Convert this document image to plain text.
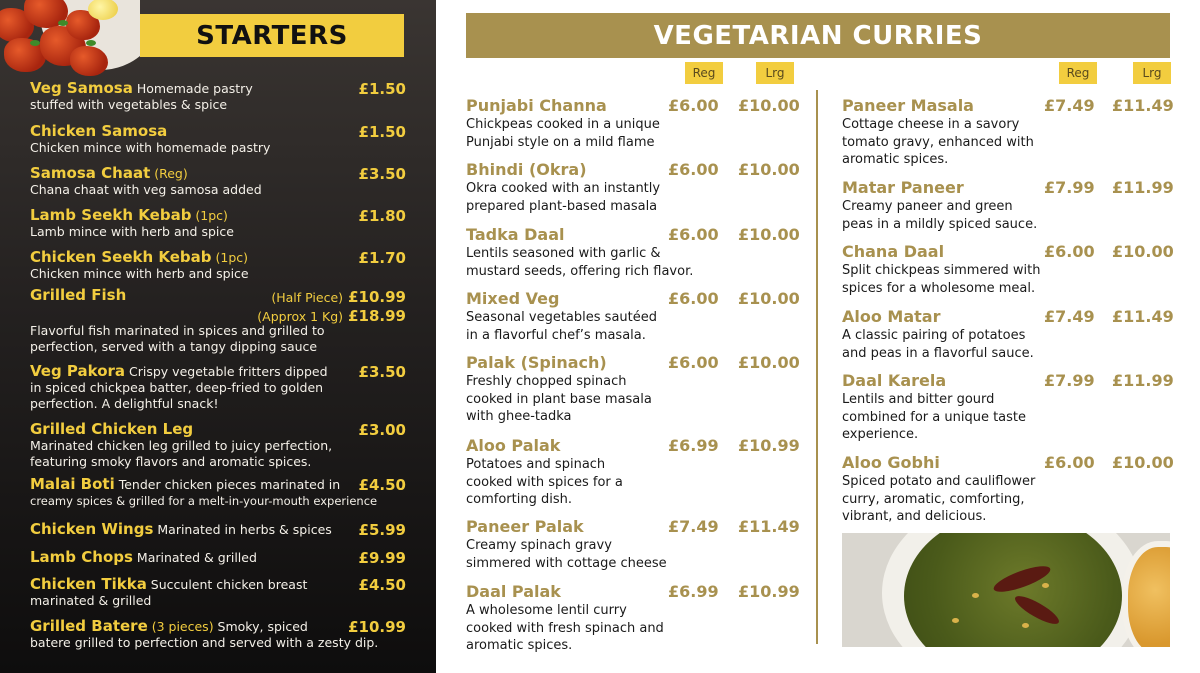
STARTERS
Veg Samosa Homemade pastry
stuffed with vegetables & spice
£1.50
Chicken Samosa
Chicken mince with homemade pastry
£1.50
Samosa Chaat (Reg)
Chana chaat with veg samosa added
£3.50
Lamb Seekh Kebab (1pc)
Lamb mince with herb and spice
£1.80
Chicken Seekh Kebab (1pc)
Chicken mince with herb and spice
£1.70
Grilled Fish	(Half Piece) £10.99
(Approx 1 Kg) £18.99
Flavorful fish marinated in spices and grilled to
perfection, served with a tangy dipping sauce
Veg Pakora Crispy vegetable fritters dipped
in spiced chickpea batter, deep-fried to golden
perfection. A delightful snack!
£3.50
Grilled Chicken Leg
Marinated chicken leg grilled to juicy perfection,
featuring smoky flavors and aromatic spices.
£3.00
Malai Boti Tender chicken pieces marinated in
creamy spices & grilled for a melt-in-your-mouth experience
£4.50
Chicken Wings Marinated in herbs & spices	£5.99
Lamb Chops Marinated & grilled	£9.99
Chicken Tikka Succulent chicken breast
marinated & grilled
£4.50
Grilled Batere (3 pieces) Smoky, spiced
batere grilled to perfection and served with a zesty dip.
£10.99
VEGETARIAN CURRIES
Reg	Lrg	Reg	Lrg
Punjabi Channa	£6.00 £10.00
Chickpeas cooked in a unique
Punjabi style on a mild flame
Bhindi (Okra)	£6.00 £10.00
Okra cooked with an instantly
prepared plant-based masala
Tadka Daal	£6.00 £10.00
Lentils seasoned with garlic &
mustard seeds, offering rich flavor.
Mixed Veg	£6.00 £10.00
Seasonal vegetables sautéed
in a flavorful chef’s masala.
Palak (Spinach)	£6.00 £10.00
Freshly chopped spinach
cooked in plant base masala
with ghee-tadka
Aloo Palak	£6.99 £10.99
Potatoes and spinach
cooked with spices for a
comforting dish.
Paneer Palak	£7.49 £11.49
Creamy spinach gravy
simmered with cottage cheese
Daal Palak	£6.99 £10.99
A wholesome lentil curry
cooked with fresh spinach and
aromatic spices.
Paneer Masala	£7.49 £11.49
Cottage cheese in a savory
tomato gravy, enhanced with
aromatic spices.
Matar Paneer	£7.99 £11.99
Creamy paneer and green
peas in a mildly spiced sauce.
Chana Daal	£6.00 £10.00
Split chickpeas simmered with
spices for a wholesome meal.
Aloo Matar	£7.49 £11.49
A classic pairing of potatoes
and peas in a flavorful sauce.
Daal Karela	£7.99 £11.99
Lentils and bitter gourd
combined for a unique taste
experience.
Aloo Gobhi	£6.00 £10.00
Spiced potato and cauliflower
curry, aromatic, comforting,
vibrant, and delicious.
